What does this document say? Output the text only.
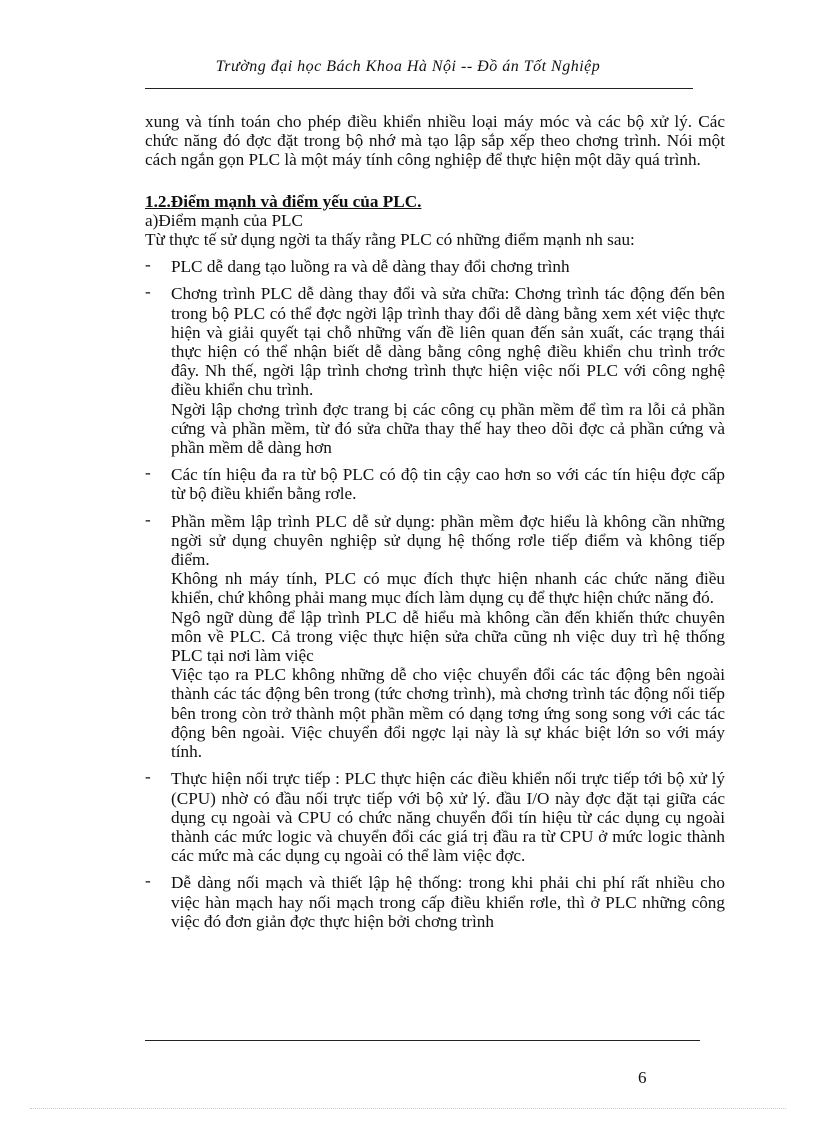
Trường đại học Bách Khoa Hà Nội -- Đồ án Tốt Nghiệp

xung và tính toán cho phép điều khiển nhiều loại máy móc và các bộ xử lý. Các chức năng đó đợc đặt trong bộ nhớ mà tạo lập sắp xếp theo chơng trình. Nói một cách ngắn gọn PLC là một máy tính công nghiệp để thực hiện một dãy quá trình.

1.2.Điểm mạnh và điểm yếu của PLC.

a)Điểm mạnh của PLC

Từ thực tế sử dụng ngời ta thấy rằng PLC có những điểm mạnh nh sau:

- PLC dễ dang tạo luồng ra và dễ dàng thay đổi chơng trình

- Chơng trình PLC dễ dàng thay đổi và sửa chữa: Chơng trình tác động đến bên trong bộ PLC có thể đợc ngời lập trình thay đổi dễ dàng bằng xem xét việc thực hiện và giải quyết tại chỗ những vấn đề liên quan đến sản xuất, các trạng thái thực hiện có thể nhận biết dễ dàng bằng công nghệ điều khiển chu trình trớc đây. Nh thế, ngời lập trình chơng trình thực hiện việc nối PLC với công nghệ điều khiển chu trình.

Ngời lập chơng trình đợc trang bị các công cụ phần mềm để tìm ra lỗi cả phần cứng và phần mềm, từ đó sửa chữa thay thế hay theo dõi đợc cả phần cứng và phần mềm dễ dàng hơn

- Các tín hiệu đa ra từ bộ PLC có độ tin cậy cao hơn so với các tín hiệu đợc cấp từ bộ điều khiển bằng rơle.

- Phần mềm lập trình PLC dễ sử dụng: phần mềm đợc hiểu là không cần những ngời sử dụng chuyên nghiệp sử dụng hệ thống rơle tiếp điểm và không tiếp điểm.

Không nh máy tính, PLC có mục đích thực hiện nhanh các chức năng điều khiển, chứ không phải mang mục đích làm dụng cụ để thực hiện chức năng đó.

Ngô ngữ dùng để lập trình PLC dễ hiểu mà không cần đến khiến thức chuyên môn về PLC. Cả trong việc thực hiện sửa chữa cũng nh việc duy trì hệ thống PLC tại nơi làm việc

Việc tạo ra PLC không những dễ cho việc chuyển đổi các tác động bên ngoài thành các tác động bên trong (tức chơng trình), mà chơng trình tác động nối tiếp bên trong còn trở thành một phần mềm có dạng tơng ứng song song với các tác động bên ngoài. Việc chuyển đổi ngợc lại này là sự khác biệt lớn so với máy tính.

- Thực hiện nối trực tiếp : PLC thực hiện các điều khiển nối trực tiếp tới bộ xử lý (CPU) nhờ có đầu nối trực tiếp với bộ xử lý. đầu I/O này đợc đặt tại giữa các dụng cụ ngoài và CPU có chức năng chuyển đổi tín hiệu từ các dụng cụ ngoài thành các mức logic và chuyển đổi các giá trị đầu ra từ CPU ở mức logic thành các mức mà các dụng cụ ngoài có thể làm việc đợc.

- Dễ dàng nối mạch và thiết lập hệ thống: trong khi phải chi phí rất nhiều cho việc hàn mạch hay nối mạch trong cấp điều khiển rơle, thì ở PLC những công việc đó đơn giản đợc thực hiện bởi chơng trình

6
